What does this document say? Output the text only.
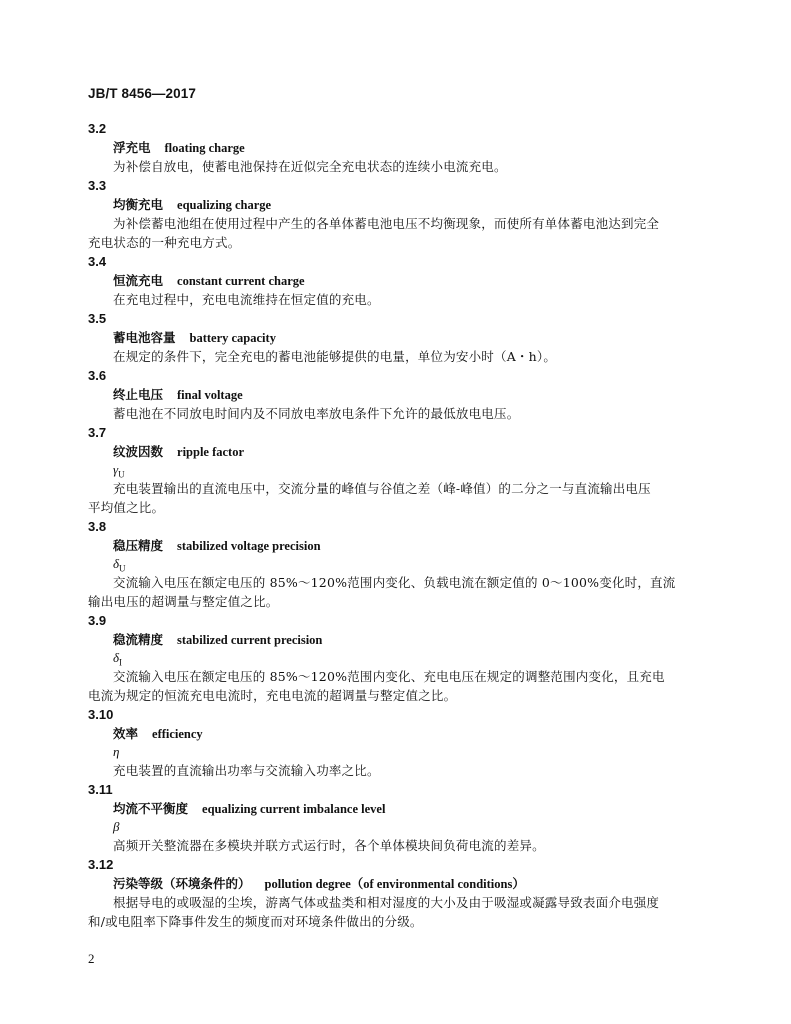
JB/T 8456—2017
3.2
浮充电 floating charge
为补偿自放电，使蓄电池保持在近似完全充电状态的连续小电流充电。
3.3
均衡充电 equalizing charge
为补偿蓄电池组在使用过程中产生的各单体蓄电池电压不均衡现象，而使所有单体蓄电池达到完全
充电状态的一种充电方式。
3.4
恒流充电 constant current charge
在充电过程中，充电电流维持在恒定值的充电。
3.5
蓄电池容量 battery capacity
在规定的条件下，完全充电的蓄电池能够提供的电量，单位为安小时（A・h）。
3.6
终止电压 final voltage
蓄电池在不同放电时间内及不同放电率放电条件下允许的最低放电电压。
3.7
纹波因数 ripple factor
$\gamma_U$
充电装置输出的直流电压中，交流分量的峰值与谷值之差（峰-峰值）的二分之一与直流输出电压
平均值之比。
3.8
稳压精度 stabilized voltage precision
$\delta_U$
交流输入电压在额定电压的 85%～120%范围内变化、负载电流在额定值的 0～100%变化时，直流
输出电压的超调量与整定值之比。
3.9
稳流精度 stabilized current precision
$\delta_I$
交流输入电压在额定电压的 85%～120%范围内变化、充电电压在规定的调整范围内变化，且充电
电流为规定的恒流充电电流时，充电电流的超调量与整定值之比。
3.10
效率 efficiency
η
充电装置的直流输出功率与交流输入功率之比。
3.11
均流不平衡度 equalizing current imbalance level
β
高频开关整流器在多模块并联方式运行时，各个单体模块间负荷电流的差异。
3.12
污染等级（环境条件的） pollution degree（of environmental conditions）
根据导电的或吸湿的尘埃，游离气体或盐类和相对湿度的大小及由于吸湿或凝露导致表面介电强度
和/或电阻率下降事件发生的频度而对环境条件做出的分级。
2
